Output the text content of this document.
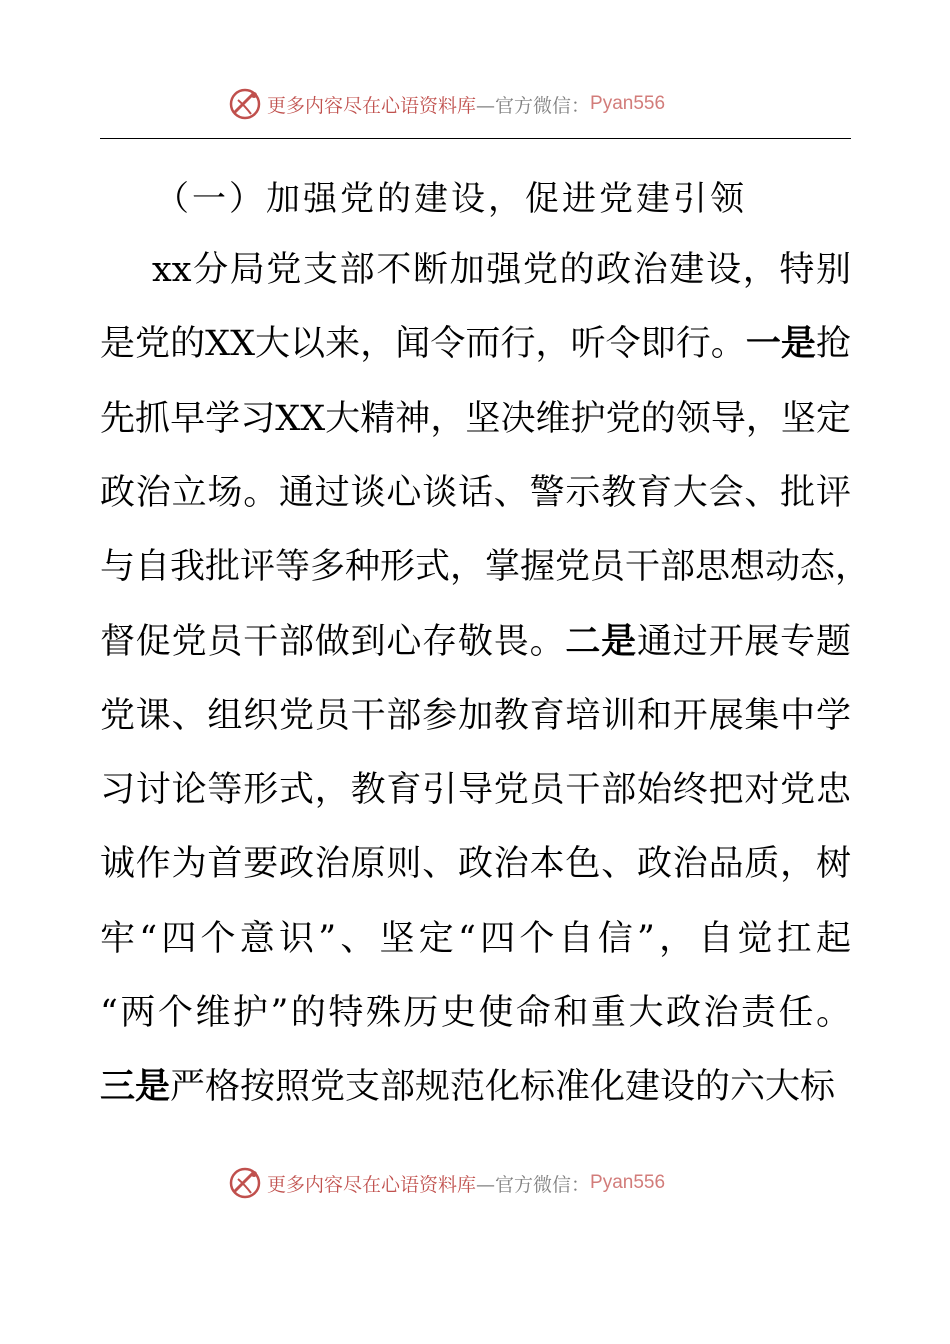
更多内容尽在心语资料库 —官方微信： Pyan556
（一）加强党的建设，促进党建引领
xx分局党支部不断加强党的政治建设，特别
是党的XX大以来，闻令而行，听令即行。一是抢
先抓早学习XX大精神，坚决维护党的领导，坚定
政治立场。通过谈心谈话、警示教育大会、批评
与自我批评等多种形式，掌握党员干部思想动态，
督促党员干部做到心存敬畏。二是通过开展专题
党课、组织党员干部参加教育培训和开展集中学
习讨论等形式，教育引导党员干部始终把对党忠
诚作为首要政治原则、政治本色、政治品质，树
牢“四个意识”、坚定“四个自信”，自觉扛起
“两个维护”的特殊历史使命和重大政治责任。
三是严格按照党支部规范化标准化建设的六大标
更多内容尽在心语资料库 —官方微信： Pyan556
